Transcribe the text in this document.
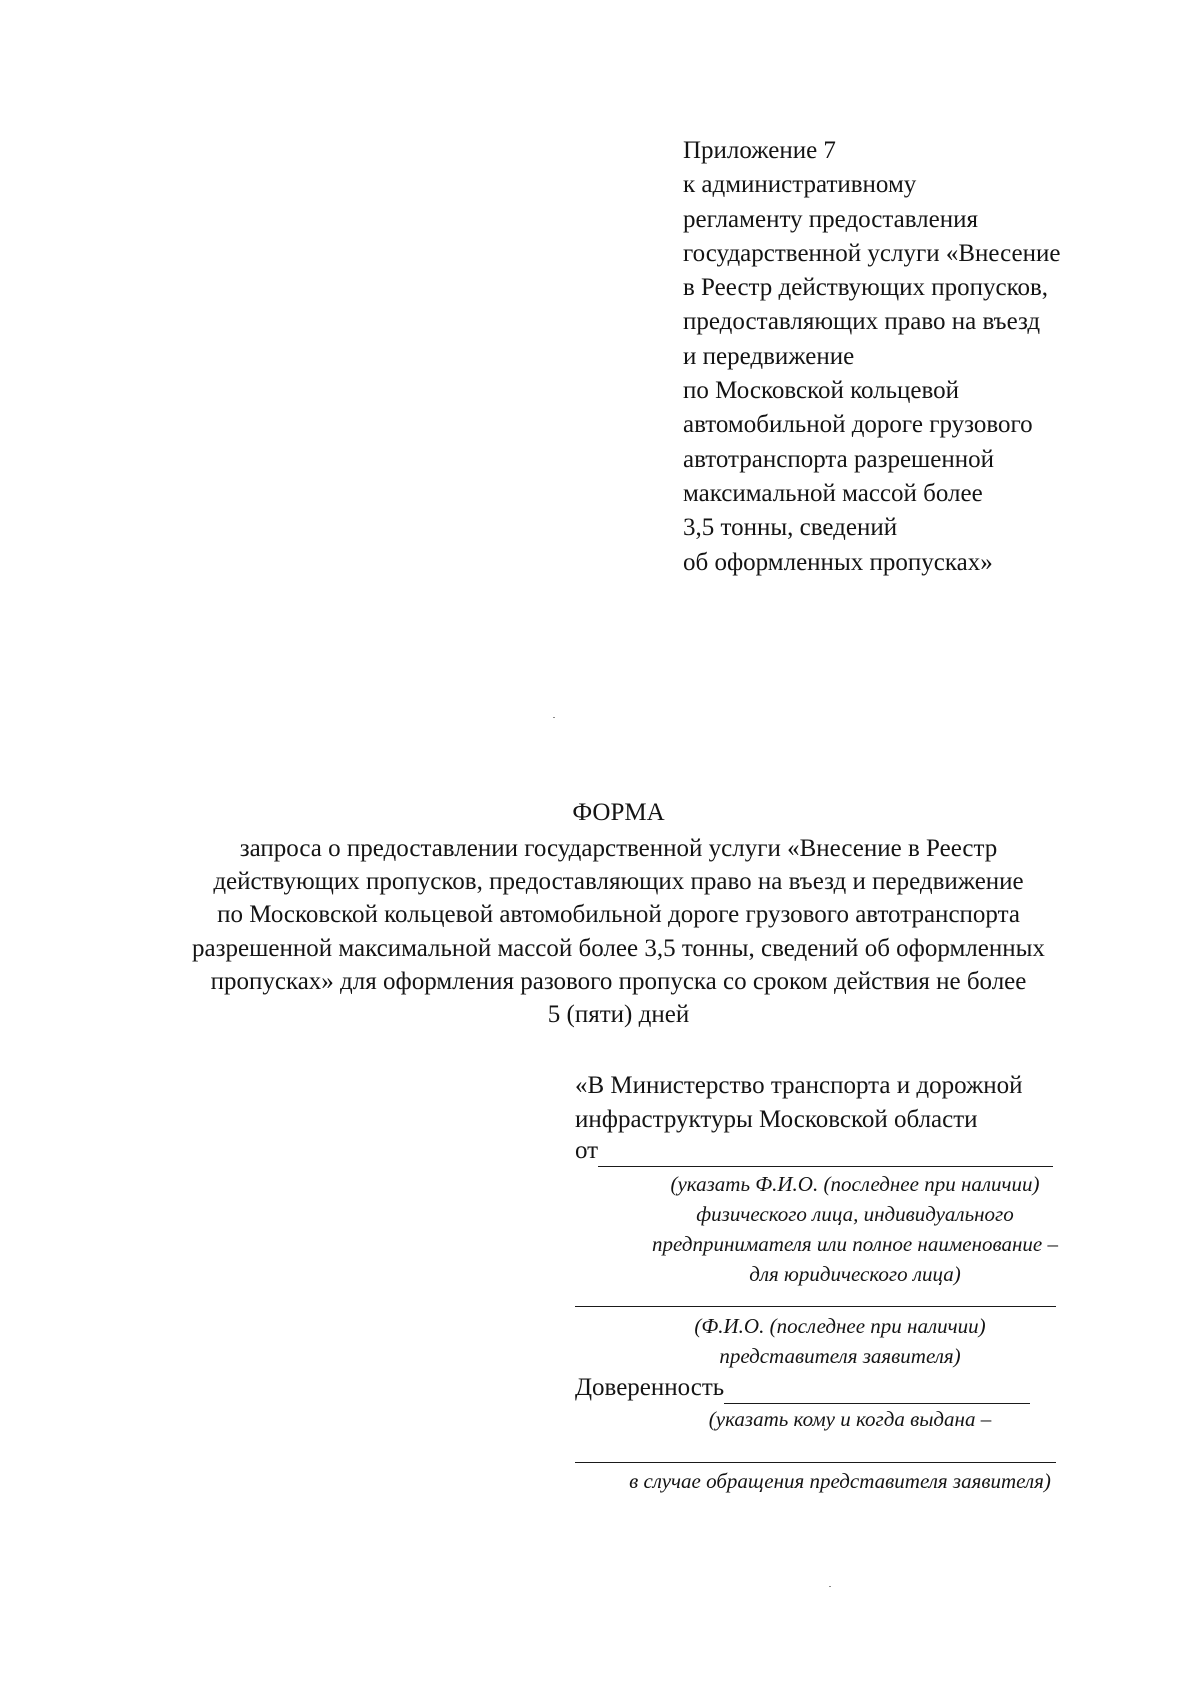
Приложение 7
к административному
регламенту предоставления
государственной услуги «Внесение
в Реестр действующих пропусков,
предоставляющих право на въезд
и передвижение
по Московской кольцевой
автомобильной дороге грузового
автотранспорта разрешенной
максимальной массой более
3,5 тонны, сведений
об оформленных пропусках»
ФОРМА
запроса о предоставлении государственной услуги «Внесение в Реестр
действующих пропусков, предоставляющих право на въезд и передвижение
по Московской кольцевой автомобильной дороге грузового автотранспорта
разрешенной максимальной массой более 3,5 тонны, сведений об оформленных
пропусках» для оформления разового пропуска со сроком действия не более
5 (пяти) дней
«В Министерство транспорта и дорожной
инфраструктуры Московской области
от
(указать Ф.И.О. (последнее при наличии)
физического лица, индивидуального
предпринимателя или полное наименование –
для юридического лица)
(Ф.И.О. (последнее при наличии)
представителя заявителя)
Доверенность
(указать кому и когда выдана –
в случае обращения представителя заявителя)
